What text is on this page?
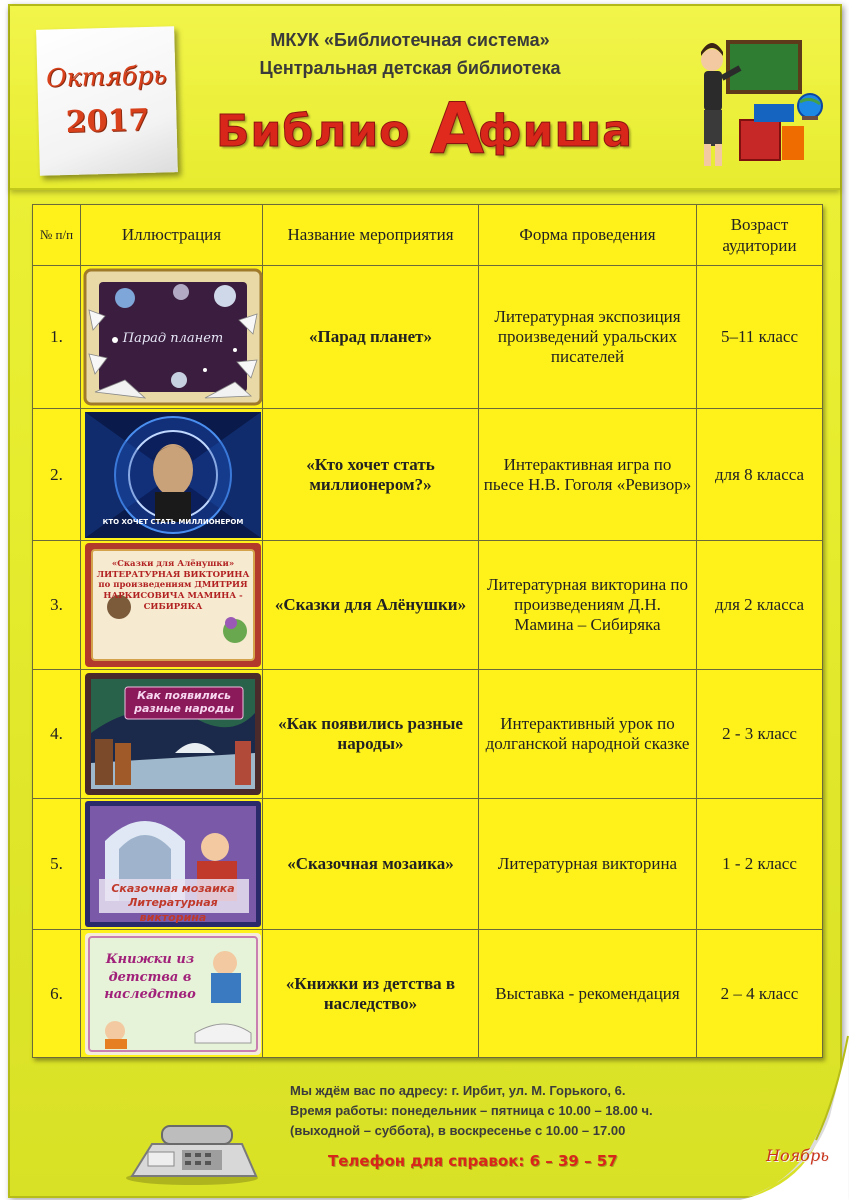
Октябрь
2017
МКУК «Библиотечная система»
Центральная детская библиотека
Библио А
фиша
№ п/п	Иллюстрация	Название мероприятия	Форма проведения	Возраст аудитории
1.	Парад планет	«Парад планет»	Литературная экспозиция произведений уральских писателей	5–11 класс
2.	КТО ХОЧЕТ СТАТЬ МИЛЛИОНЕРОМ	«Кто хочет стать миллионером?»	Интерактивная игра по пьесе Н.В. Гоголя «Ревизор»	для 8 класса
3.	«Сказки для Алёнушки» ЛИТЕРАТУРНАЯ ВИКТОРИНА по произведениям ДМИТРИЯ НАРКИСОВИЧА МАМИНА - СИБИРЯКА	«Сказки для Алёнушки»	Литературная викторина по произведениям Д.Н. Мамина – Сибиряка	для 2 класса
4.	Как появились разные народы	«Как появились разные народы»	Интерактивный урок по долганской народной сказке	2 - 3 класс
5.	Сказочная мозаика Литературная викторина	«Сказочная мозаика»	Литературная викторина	1 - 2 класс
6.	Книжки из детства в наследство	«Книжки из детства в наследство»	Выставка - рекомендация	2 – 4 класс
Мы ждём вас по адресу: г. Ирбит, ул. М. Горького, 6.
Время работы: понедельник – пятница с 10.00 – 18.00 ч.
(выходной – суббота), в воскресенье с 10.00 – 17.00
Телефон для справок: 6 – 39 – 57	Ноябрь
